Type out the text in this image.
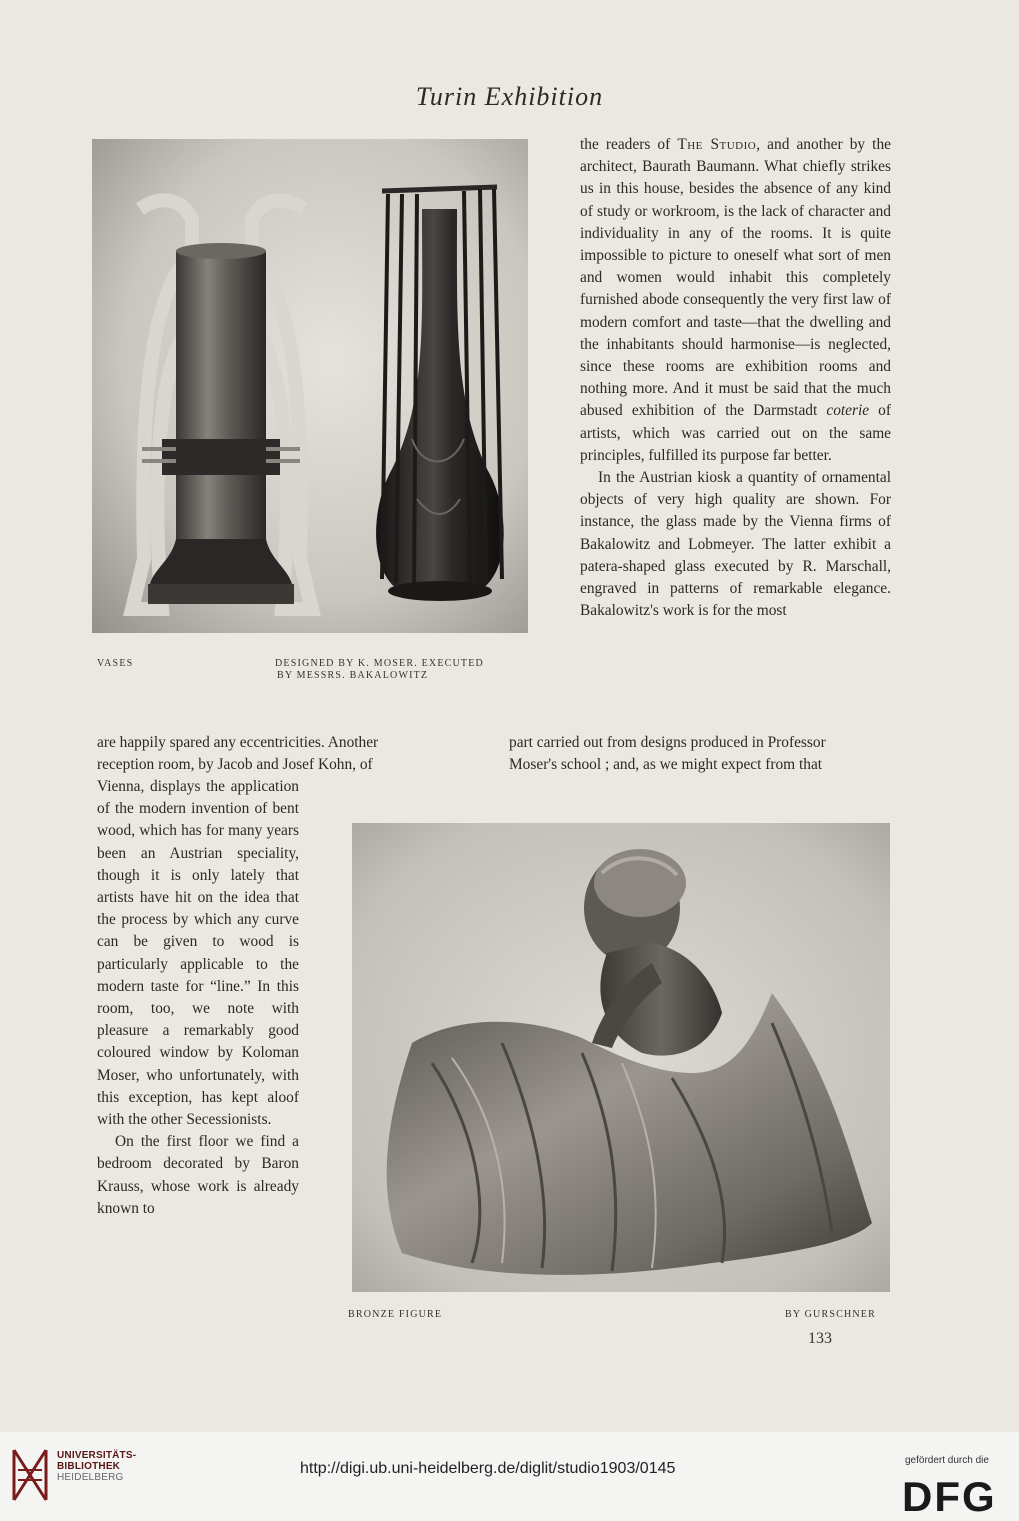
Turin Exhibition
VASES	DESIGNED BY K. MOSER. EXECUTED
BY MESSRS. BAKALOWITZ

the readers of The Studio, and another by the architect, Baurath Baumann. What chiefly strikes us in this house, besides the absence of any kind of study or workroom, is the lack of character and individuality in any of the rooms. It is quite impossible to picture to oneself what sort of men and women would inhabit this completely furnished abode consequently the very first law of modern comfort and taste—that the dwelling and the inhabitants should harmonise—is neglected, since these rooms are exhibition rooms and nothing more. And it must be said that the much abused exhibition of the Darmstadt coterie of artists, which was carried out on the same principles, fulfilled its purpose far better.

In the Austrian kiosk a quantity of ornamental objects of very high quality are shown. For instance, the glass made by the Vienna firms of Bakalowitz and Lobmeyer. The latter exhibit a patera-shaped glass executed by R. Marschall, engraved in patterns of remarkable elegance. Bakalowitz's work is for the most

are happily spared any eccentricities. Another
reception room, by Jacob and Josef Kohn, of
part carried out from designs produced in Professor
Moser's school ; and, as we might expect from that

Vienna, displays the application of the modern invention of bent wood, which has for many years been an Austrian speciality, though it is only lately that artists have hit on the idea that the process by which any curve can be given to wood is particularly applicable to the modern taste for “line.” In this room, too, we note with pleasure a remarkably good coloured window by Koloman Moser, who unfortunately, with this exception, has kept aloof with the other Secessionists.

On the first floor we find a bedroom decorated by Baron Krauss, whose work is already known to

BRONZE FIGURE	BY GURSCHNER
133
UNIVERSITÄTS-
BIBLIOTHEK
HEIDELBERG
http://digi.ub.uni-heidelberg.de/diglit/studio1903/0145	gefördert durch die
DFG
